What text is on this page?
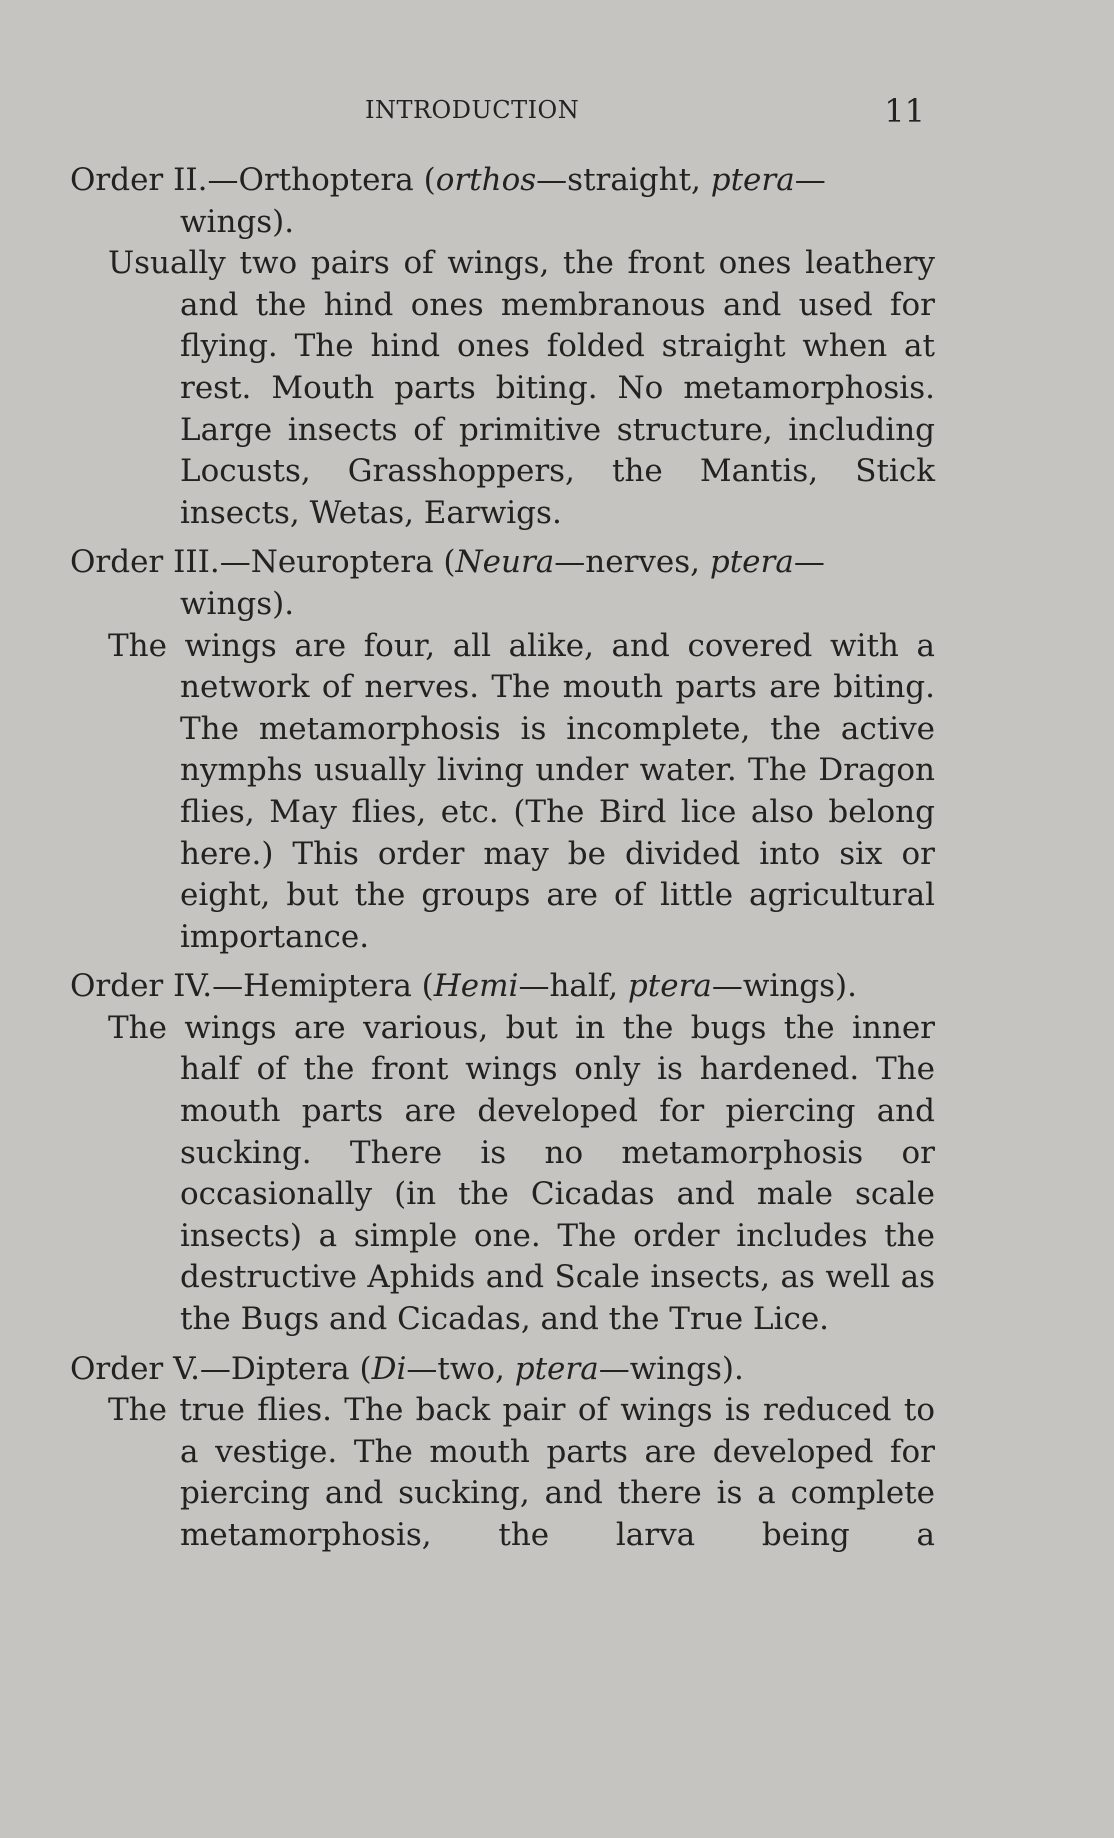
INTRODUCTION	11

Order II.—Orthoptera (orthos—straight, ptera—wings).

Usually two pairs of wings, the front ones leathery and the hind ones membranous and used for flying. The hind ones folded straight when at rest. Mouth parts biting. No metamorphosis. Large insects of primitive structure, including Locusts, Grasshoppers, the Mantis, Stick insects, Wetas, Earwigs.

Order III.—Neuroptera (Neura—nerves, ptera—wings).

The wings are four, all alike, and covered with a network of nerves. The mouth parts are biting. The metamorphosis is incomplete, the active nymphs usually living under water. The Dragon flies, May flies, etc. (The Bird lice also belong here.) This order may be divided into six or eight, but the groups are of little agricultural importance.

Order IV.—Hemiptera (Hemi—half, ptera—wings).

The wings are various, but in the bugs the inner half of the front wings only is hardened. The mouth parts are developed for piercing and sucking. There is no metamorphosis or occasionally (in the Cicadas and male scale insects) a simple one. The order includes the destructive Aphids and Scale insects, as well as the Bugs and Cicadas, and the True Lice.

Order V.—Diptera (Di—two, ptera—wings).

The true flies. The back pair of wings is reduced to a vestige. The mouth parts are developed for piercing and sucking, and there is a complete metamorphosis, the larva being a
